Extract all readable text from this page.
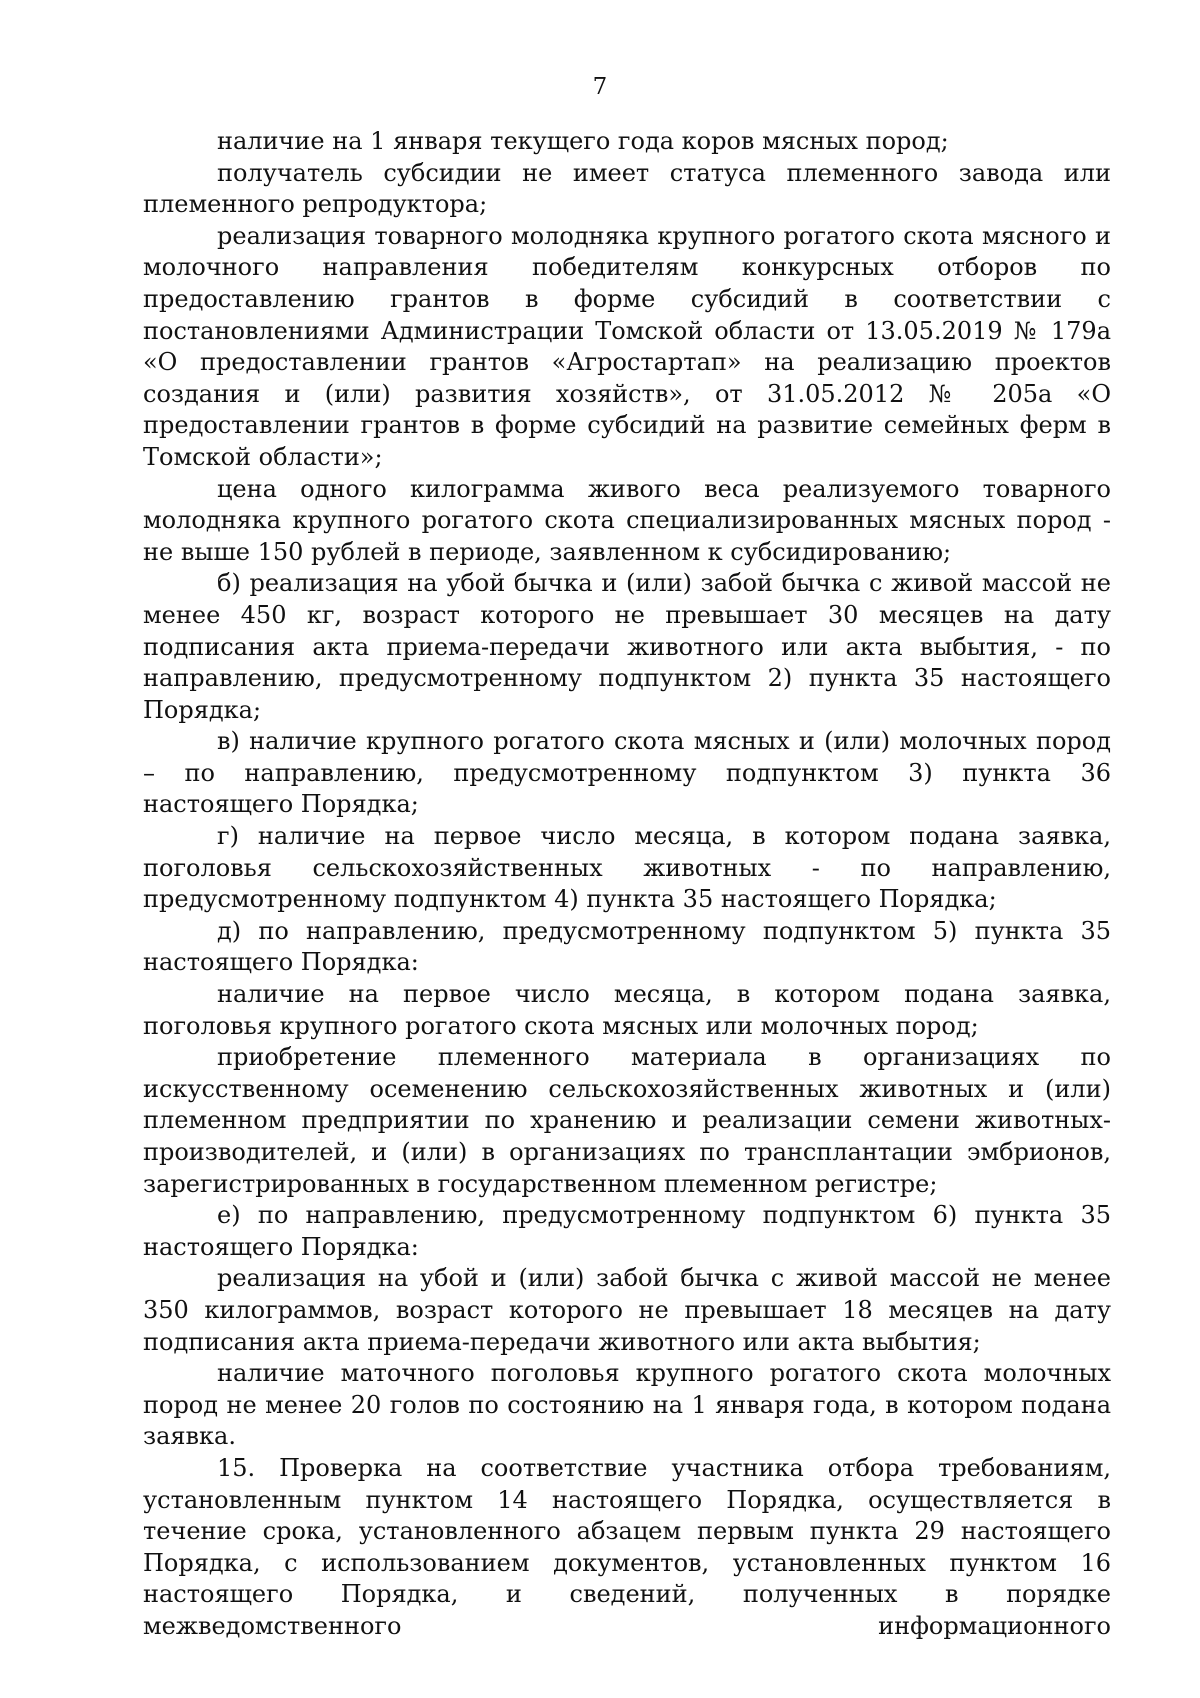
7

наличие на 1 января текущего года коров мясных пород;

получатель субсидии не имеет статуса племенного завода или племенного репродуктора;

реализация товарного молодняка крупного рогатого скота мясного и молочного направления победителям конкурсных отборов по предоставлению грантов в форме субсидий в соответствии с постановлениями Администрации Томской области от 13.05.2019 № 179а «О предоставлении грантов «Агростартап» на реализацию проектов создания и (или) развития хозяйств», от 31.05.2012 № 205а «О предоставлении грантов в форме субсидий на развитие семейных ферм в Томской области»;

цена одного килограмма живого веса реализуемого товарного молодняка крупного рогатого скота специализированных мясных пород - не выше 150 рублей в периоде, заявленном к субсидированию;

б) реализация на убой бычка и (или) забой бычка с живой массой не менее 450 кг, возраст которого не превышает 30 месяцев на дату подписания акта приема-передачи животного или акта выбытия, - по направлению, предусмотренному подпунктом 2) пункта 35 настоящего Порядка;

в) наличие крупного рогатого скота мясных и (или) молочных пород – по направлению, предусмотренному подпунктом 3) пункта 36 настоящего Порядка;

г) наличие на первое число месяца, в котором подана заявка, поголовья сельскохозяйственных животных - по направлению, предусмотренному подпунктом 4) пункта 35 настоящего Порядка;

д) по направлению, предусмотренному подпунктом 5) пункта 35 настоящего Порядка:

наличие на первое число месяца, в котором подана заявка, поголовья крупного рогатого скота мясных или молочных пород;

приобретение племенного материала в организациях по искусственному осеменению сельскохозяйственных животных и (или) племенном предприятии по хранению и реализации семени животных-производителей, и (или) в организациях по трансплантации эмбрионов, зарегистрированных в государственном племенном регистре;

е) по направлению, предусмотренному подпунктом 6) пункта 35 настоящего Порядка:

реализация на убой и (или) забой бычка с живой массой не менее 350 килограммов, возраст которого не превышает 18 месяцев на дату подписания акта приема-передачи животного или акта выбытия;

наличие маточного поголовья крупного рогатого скота молочных пород не менее 20 голов по состоянию на 1 января года, в котором подана заявка.

15. Проверка на соответствие участника отбора требованиям, установленным пунктом 14 настоящего Порядка, осуществляется в течение срока, установленного абзацем первым пункта 29 настоящего Порядка, с использованием документов, установленных пунктом 16 настоящего Порядка, и сведений, полученных в порядке межведомственного информационного
